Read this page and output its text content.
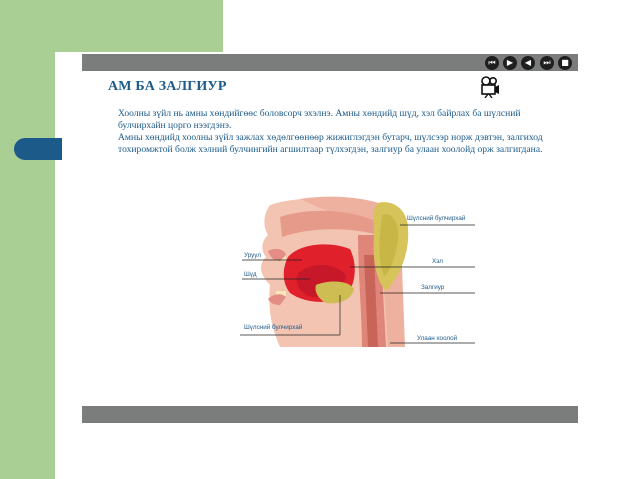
⏮	▶	◀	⏭	■
АМ БА ЗАЛГИУР

Хоолны зүйл нь амны хөндийгөөс боловсорч эхэлнэ. Амны хөндийд шүд, хэл байрлах ба шүлсний булчирхайн цорго нээгдэнэ.

Амны хөндийд хоолны зүйл зажлах хөдөлгөөнөөр жижиглэгдэн бутарч, шүлсээр норж дэвтэн, залгиход тохиромжтой болж хэлний булчингийн агшилтаар түлхэгдэн, залгиур ба улаан хоолойд орж залгигдана.

Шүлсний булчирхай
Уруул
Шүд
Хэл
Залгиур
Шүлсний булчирхай
Улаан хоолой
